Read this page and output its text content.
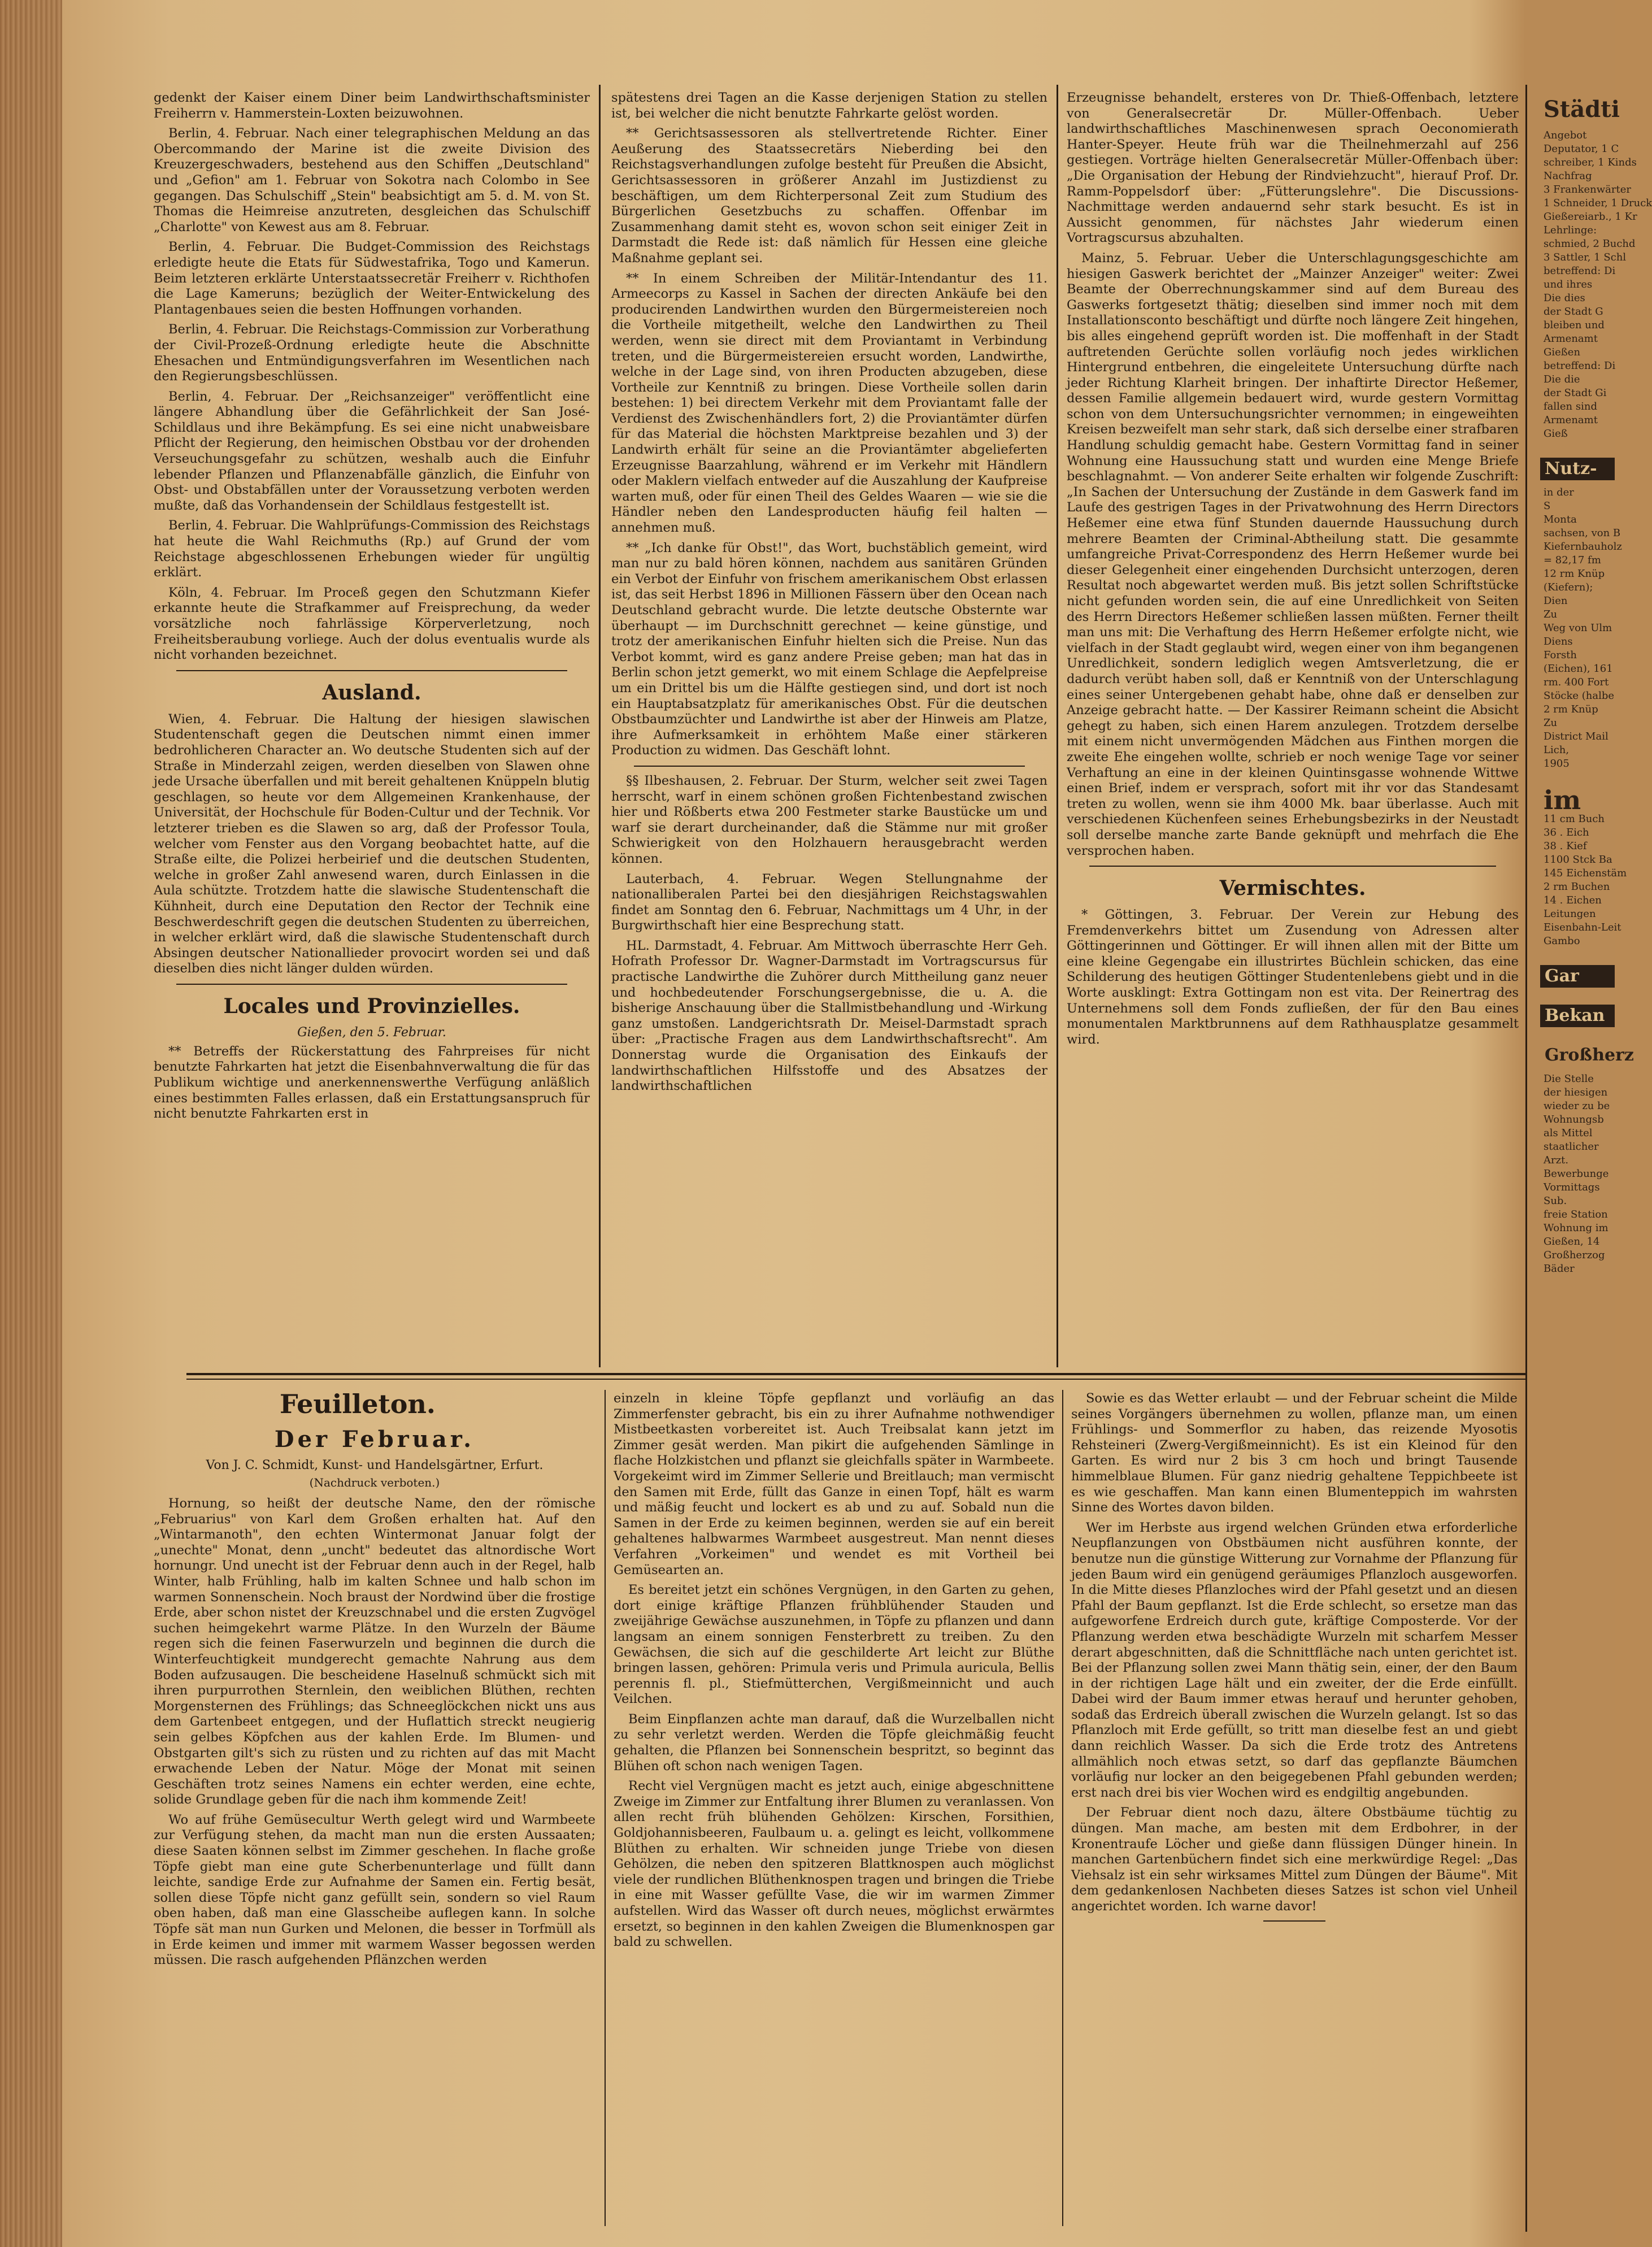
gedenkt der Kaiser einem Diner beim Landwirthschaftsminister Freiherrn v. Hammerstein-Loxten beizuwohnen.

Berlin, 4. Februar. Nach einer telegraphischen Meldung an das Obercommando der Marine ist die zweite Division des Kreuzergeschwaders, bestehend aus den Schiffen „Deutschland" und „Gefion" am 1. Februar von Sokotra nach Colombo in See gegangen. Das Schulschiff „Stein" beabsichtigt am 5. d. M. von St. Thomas die Heimreise anzutreten, desgleichen das Schulschiff „Charlotte" von Kewest aus am 8. Februar.

Berlin, 4. Februar. Die Budget-Commission des Reichstags erledigte heute die Etats für Südwestafrika, Togo und Kamerun. Beim letzteren erklärte Unterstaatssecretär Freiherr v. Richthofen die Lage Kameruns; bezüglich der Weiter-Entwickelung des Plantagenbaues seien die besten Hoffnungen vorhanden.

Berlin, 4. Februar. Die Reichstags-Commission zur Vorberathung der Civil-Prozeß-Ordnung erledigte heute die Abschnitte Ehesachen und Entmündigungsverfahren im Wesentlichen nach den Regierungsbeschlüssen.

Berlin, 4. Februar. Der „Reichsanzeiger" veröffentlicht eine längere Abhandlung über die Gefährlichkeit der San José-Schildlaus und ihre Bekämpfung. Es sei eine nicht unabweisbare Pflicht der Regierung, den heimischen Obstbau vor der drohenden Verseuchungsgefahr zu schützen, weshalb auch die Einfuhr lebender Pflanzen und Pflanzenabfälle gänzlich, die Einfuhr von Obst- und Obstabfällen unter der Voraussetzung verboten werden mußte, daß das Vorhandensein der Schildlaus festgestellt ist.

Berlin, 4. Februar. Die Wahlprüfungs-Commission des Reichstags hat heute die Wahl Reichmuths (Rp.) auf Grund der vom Reichstage abgeschlossenen Erhebungen wieder für ungültig erklärt.

Köln, 4. Februar. Im Proceß gegen den Schutzmann Kiefer erkannte heute die Strafkammer auf Freisprechung, da weder vorsätzliche noch fahrlässige Körperverletzung, noch Freiheitsberaubung vorliege. Auch der dolus eventualis wurde als nicht vorhanden bezeichnet.

Ausland.

Wien, 4. Februar. Die Haltung der hiesigen slawischen Studentenschaft gegen die Deutschen nimmt einen immer bedrohlicheren Character an. Wo deutsche Studenten sich auf der Straße in Minderzahl zeigen, werden dieselben von Slawen ohne jede Ursache überfallen und mit bereit gehaltenen Knüppeln blutig geschlagen, so heute vor dem Allgemeinen Krankenhause, der Universität, der Hochschule für Boden-Cultur und der Technik. Vor letzterer trieben es die Slawen so arg, daß der Professor Toula, welcher vom Fenster aus den Vorgang beobachtet hatte, auf die Straße eilte, die Polizei herbeirief und die deutschen Studenten, welche in großer Zahl anwesend waren, durch Einlassen in die Aula schützte. Trotzdem hatte die slawische Studentenschaft die Kühnheit, durch eine Deputation den Rector der Technik eine Beschwerdeschrift gegen die deutschen Studenten zu überreichen, in welcher erklärt wird, daß die slawische Studentenschaft durch Absingen deutscher Nationallieder provocirt worden sei und daß dieselben dies nicht länger dulden würden.

Locales und Provinzielles.
Gießen, den 5. Februar.

** Betreffs der Rückerstattung des Fahrpreises für nicht benutzte Fahrkarten hat jetzt die Eisenbahnverwaltung die für das Publikum wichtige und anerkennenswerthe Verfügung anläßlich eines bestimmten Falles erlassen, daß ein Erstattungsanspruch für nicht benutzte Fahrkarten erst in

spätestens drei Tagen an die Kasse derjenigen Station zu stellen ist, bei welcher die nicht benutzte Fahrkarte gelöst worden.

** Gerichtsassessoren als stellvertretende Richter. Einer Aeußerung des Staatssecretärs Nieberding bei den Reichstagsverhandlungen zufolge besteht für Preußen die Absicht, Gerichtsassessoren in größerer Anzahl im Justizdienst zu beschäftigen, um dem Richterpersonal Zeit zum Studium des Bürgerlichen Gesetzbuchs zu schaffen. Offenbar im Zusammenhang damit steht es, wovon schon seit einiger Zeit in Darmstadt die Rede ist: daß nämlich für Hessen eine gleiche Maßnahme geplant sei.

** In einem Schreiben der Militär-Intendantur des 11. Armeecorps zu Kassel in Sachen der directen Ankäufe bei den producirenden Landwirthen wurden den Bürgermeistereien noch die Vortheile mitgetheilt, welche den Landwirthen zu Theil werden, wenn sie direct mit dem Proviantamt in Verbindung treten, und die Bürgermeistereien ersucht worden, Landwirthe, welche in der Lage sind, von ihren Producten abzugeben, diese Vortheile zur Kenntniß zu bringen. Diese Vortheile sollen darin bestehen: 1) bei directem Verkehr mit dem Proviantamt falle der Verdienst des Zwischenhändlers fort, 2) die Proviantämter dürfen für das Material die höchsten Marktpreise bezahlen und 3) der Landwirth erhält für seine an die Proviantämter abgelieferten Erzeugnisse Baarzahlung, während er im Verkehr mit Händlern oder Maklern vielfach entweder auf die Auszahlung der Kaufpreise warten muß, oder für einen Theil des Geldes Waaren — wie sie die Händler neben den Landesproducten häufig feil halten — annehmen muß.

** „Ich danke für Obst!", das Wort, buchstäblich gemeint, wird man nur zu bald hören können, nachdem aus sanitären Gründen ein Verbot der Einfuhr von frischem amerikanischem Obst erlassen ist, das seit Herbst 1896 in Millionen Fässern über den Ocean nach Deutschland gebracht wurde. Die letzte deutsche Obsternte war überhaupt — im Durchschnitt gerechnet — keine günstige, und trotz der amerikanischen Einfuhr hielten sich die Preise. Nun das Verbot kommt, wird es ganz andere Preise geben; man hat das in Berlin schon jetzt gemerkt, wo mit einem Schlage die Aepfelpreise um ein Drittel bis um die Hälfte gestiegen sind, und dort ist noch ein Hauptabsatzplatz für amerikanisches Obst. Für die deutschen Obstbaumzüchter und Landwirthe ist aber der Hinweis am Platze, ihre Aufmerksamkeit in erhöhtem Maße einer stärkeren Production zu widmen. Das Geschäft lohnt.

§§ Ilbeshausen, 2. Februar. Der Sturm, welcher seit zwei Tagen herrscht, warf in einem schönen großen Fichtenbestand zwischen hier und Rößberts etwa 200 Festmeter starke Baustücke um und warf sie derart durcheinander, daß die Stämme nur mit großer Schwierigkeit von den Holzhauern herausgebracht werden können.

Lauterbach, 4. Februar. Wegen Stellungnahme der nationalliberalen Partei bei den diesjährigen Reichstagswahlen findet am Sonntag den 6. Februar, Nachmittags um 4 Uhr, in der Burgwirthschaft hier eine Besprechung statt.

HL. Darmstadt, 4. Februar. Am Mittwoch überraschte Herr Geh. Hofrath Professor Dr. Wagner-Darmstadt im Vortragscursus für practische Landwirthe die Zuhörer durch Mittheilung ganz neuer und hochbedeutender Forschungsergebnisse, die u. A. die bisherige Anschauung über die Stallmistbehandlung und -Wirkung ganz umstoßen. Landgerichtsrath Dr. Meisel-Darmstadt sprach über: „Practische Fragen aus dem Landwirthschaftsrecht". Am Donnerstag wurde die Organisation des Einkaufs der landwirthschaftlichen Hilfsstoffe und des Absatzes der landwirthschaftlichen

Erzeugnisse behandelt, ersteres von Dr. Thieß-Offenbach, letztere von Generalsecretär Dr. Müller-Offenbach. Ueber landwirthschaftliches Maschinenwesen sprach Oeconomierath Hanter-Speyer. Heute früh war die Theilnehmerzahl auf 256 gestiegen. Vorträge hielten Generalsecretär Müller-Offenbach über: „Die Organisation der Hebung der Rindviehzucht", hierauf Prof. Dr. Ramm-Poppelsdorf über: „Fütterungslehre". Die Discussions-Nachmittage werden andauernd sehr stark besucht. Es ist in Aussicht genommen, für nächstes Jahr wiederum einen Vortragscursus abzuhalten.

Mainz, 5. Februar. Ueber die Unterschlagungsgeschichte am hiesigen Gaswerk berichtet der „Mainzer Anzeiger" weiter: Zwei Beamte der Oberrechnungskammer sind auf dem Bureau des Gaswerks fortgesetzt thätig; dieselben sind immer noch mit dem Installationsconto beschäftigt und dürfte noch längere Zeit hingehen, bis alles eingehend geprüft worden ist. Die moffenhaft in der Stadt auftretenden Gerüchte sollen vorläufig noch jedes wirklichen Hintergrund entbehren, die eingeleitete Untersuchung dürfte nach jeder Richtung Klarheit bringen. Der inhaftirte Director Heßemer, dessen Familie allgemein bedauert wird, wurde gestern Vormittag schon von dem Untersuchungsrichter vernommen; in eingeweihten Kreisen bezweifelt man sehr stark, daß sich derselbe einer strafbaren Handlung schuldig gemacht habe. Gestern Vormittag fand in seiner Wohnung eine Haussuchung statt und wurden eine Menge Briefe beschlagnahmt. — Von anderer Seite erhalten wir folgende Zuschrift: „In Sachen der Untersuchung der Zustände in dem Gaswerk fand im Laufe des gestrigen Tages in der Privatwohnung des Herrn Directors Heßemer eine etwa fünf Stunden dauernde Haussuchung durch mehrere Beamten der Criminal-Abtheilung statt. Die gesammte umfangreiche Privat-Correspondenz des Herrn Heßemer wurde bei dieser Gelegenheit einer eingehenden Durchsicht unterzogen, deren Resultat noch abgewartet werden muß. Bis jetzt sollen Schriftstücke nicht gefunden worden sein, die auf eine Unredlichkeit von Seiten des Herrn Directors Heßemer schließen lassen müßten. Ferner theilt man uns mit: Die Verhaftung des Herrn Heßemer erfolgte nicht, wie vielfach in der Stadt geglaubt wird, wegen einer von ihm begangenen Unredlichkeit, sondern lediglich wegen Amtsverletzung, die er dadurch verübt haben soll, daß er Kenntniß von der Unterschlagung eines seiner Untergebenen gehabt habe, ohne daß er denselben zur Anzeige gebracht hatte. — Der Kassirer Reimann scheint die Absicht gehegt zu haben, sich einen Harem anzulegen. Trotzdem derselbe mit einem nicht unvermögenden Mädchen aus Finthen morgen die zweite Ehe eingehen wollte, schrieb er noch wenige Tage vor seiner Verhaftung an eine in der kleinen Quintinsgasse wohnende Wittwe einen Brief, indem er versprach, sofort mit ihr vor das Standesamt treten zu wollen, wenn sie ihm 4000 Mk. baar überlasse. Auch mit verschiedenen Küchenfeen seines Erhebungsbezirks in der Neustadt soll derselbe manche zarte Bande geknüpft und mehrfach die Ehe versprochen haben.

Vermischtes.

* Göttingen, 3. Februar. Der Verein zur Hebung des Fremdenverkehrs bittet um Zusendung von Adressen alter Göttingerinnen und Göttinger. Er will ihnen allen mit der Bitte um eine kleine Gegengabe ein illustrirtes Büchlein schicken, das eine Schilderung des heutigen Göttinger Studentenlebens giebt und in die Worte ausklingt: Extra Gottingam non est vita. Der Reinertrag des Unternehmens soll dem Fonds zufließen, der für den Bau eines monumentalen Marktbrunnens auf dem Rathhausplatze gesammelt wird.

Feuilleton.
Der Februar.
Von J. C. Schmidt, Kunst- und Handelsgärtner, Erfurt.
(Nachdruck verboten.)

Hornung, so heißt der deutsche Name, den der römische „Februarius" von Karl dem Großen erhalten hat. Auf den „Wintarmanoth", den echten Wintermonat Januar folgt der „unechte" Monat, denn „uncht" bedeutet das altnordische Wort hornungr. Und unecht ist der Februar denn auch in der Regel, halb Winter, halb Frühling, halb im kalten Schnee und halb schon im warmen Sonnenschein. Noch braust der Nordwind über die frostige Erde, aber schon nistet der Kreuzschnabel und die ersten Zugvögel suchen heimgekehrt warme Plätze. In den Wurzeln der Bäume regen sich die feinen Faserwurzeln und beginnen die durch die Winterfeuchtigkeit mundgerecht gemachte Nahrung aus dem Boden aufzusaugen. Die bescheidene Haselnuß schmückt sich mit ihren purpurrothen Sternlein, den weiblichen Blüthen, rechten Morgensternen des Frühlings; das Schneeglöckchen nickt uns aus dem Gartenbeet entgegen, und der Huflattich streckt neugierig sein gelbes Köpfchen aus der kahlen Erde. Im Blumen- und Obstgarten gilt's sich zu rüsten und zu richten auf das mit Macht erwachende Leben der Natur. Möge der Monat mit seinen Geschäften trotz seines Namens ein echter werden, eine echte, solide Grundlage geben für die nach ihm kommende Zeit!

Wo auf frühe Gemüsecultur Werth gelegt wird und Warmbeete zur Verfügung stehen, da macht man nun die ersten Aussaaten; diese Saaten können selbst im Zimmer geschehen. In flache große Töpfe giebt man eine gute Scherbenunterlage und füllt dann leichte, sandige Erde zur Aufnahme der Samen ein. Fertig besät, sollen diese Töpfe nicht ganz gefüllt sein, sondern so viel Raum oben haben, daß man eine Glasscheibe auflegen kann. In solche Töpfe sät man nun Gurken und Melonen, die besser in Torfmüll als in Erde keimen und immer mit warmem Wasser begossen werden müssen. Die rasch aufgehenden Pflänzchen werden

einzeln in kleine Töpfe gepflanzt und vorläufig an das Zimmerfenster gebracht, bis ein zu ihrer Aufnahme nothwendiger Mistbeetkasten vorbereitet ist. Auch Treibsalat kann jetzt im Zimmer gesät werden. Man pikirt die aufgehenden Sämlinge in flache Holzkistchen und pflanzt sie gleichfalls später in Warmbeete. Vorgekeimt wird im Zimmer Sellerie und Breitlauch; man vermischt den Samen mit Erde, füllt das Ganze in einen Topf, hält es warm und mäßig feucht und lockert es ab und zu auf. Sobald nun die Samen in der Erde zu keimen beginnen, werden sie auf ein bereit gehaltenes halbwarmes Warmbeet ausgestreut. Man nennt dieses Verfahren „Vorkeimen" und wendet es mit Vortheil bei Gemüsearten an.

Es bereitet jetzt ein schönes Vergnügen, in den Garten zu gehen, dort einige kräftige Pflanzen frühblühender Stauden und zweijährige Gewächse auszunehmen, in Töpfe zu pflanzen und dann langsam an einem sonnigen Fensterbrett zu treiben. Zu den Gewächsen, die sich auf die geschilderte Art leicht zur Blüthe bringen lassen, gehören: Primula veris und Primula auricula, Bellis perennis fl. pl., Stiefmütterchen, Vergißmeinnicht und auch Veilchen.

Beim Einpflanzen achte man darauf, daß die Wurzelballen nicht zu sehr verletzt werden. Werden die Töpfe gleichmäßig feucht gehalten, die Pflanzen bei Sonnenschein bespritzt, so beginnt das Blühen oft schon nach wenigen Tagen.

Recht viel Vergnügen macht es jetzt auch, einige abgeschnittene Zweige im Zimmer zur Entfaltung ihrer Blumen zu veranlassen. Von allen recht früh blühenden Gehölzen: Kirschen, Forsithien, Goldjohannisbeeren, Faulbaum u. a. gelingt es leicht, vollkommene Blüthen zu erhalten. Wir schneiden junge Triebe von diesen Gehölzen, die neben den spitzeren Blattknospen auch möglichst viele der rundlichen Blüthenknospen tragen und bringen die Triebe in eine mit Wasser gefüllte Vase, die wir im warmen Zimmer aufstellen. Wird das Wasser oft durch neues, möglichst erwärmtes ersetzt, so beginnen in den kahlen Zweigen die Blumenknospen gar bald zu schwellen.

Sowie es das Wetter erlaubt — und der Februar scheint die Milde seines Vorgängers übernehmen zu wollen, pflanze man, um einen Frühlings- und Sommerflor zu haben, das reizende Myosotis Rehsteineri (Zwerg-Vergißmeinnicht). Es ist ein Kleinod für den Garten. Es wird nur 2 bis 3 cm hoch und bringt Tausende himmelblaue Blumen. Für ganz niedrig gehaltene Teppichbeete ist es wie geschaffen. Man kann einen Blumenteppich im wahrsten Sinne des Wortes davon bilden.

Wer im Herbste aus irgend welchen Gründen etwa erforderliche Neupflanzungen von Obstbäumen nicht ausführen konnte, der benutze nun die günstige Witterung zur Vornahme der Pflanzung für jeden Baum wird ein genügend geräumiges Pflanzloch ausgeworfen. In die Mitte dieses Pflanzloches wird der Pfahl gesetzt und an diesen Pfahl der Baum gepflanzt. Ist die Erde schlecht, so ersetze man das aufgeworfene Erdreich durch gute, kräftige Composterde. Vor der Pflanzung werden etwa beschädigte Wurzeln mit scharfem Messer derart abgeschnitten, daß die Schnittfläche nach unten gerichtet ist. Bei der Pflanzung sollen zwei Mann thätig sein, einer, der den Baum in der richtigen Lage hält und ein zweiter, der die Erde einfüllt. Dabei wird der Baum immer etwas herauf und herunter gehoben, sodaß das Erdreich überall zwischen die Wurzeln gelangt. Ist so das Pflanzloch mit Erde gefüllt, so tritt man dieselbe fest an und giebt dann reichlich Wasser. Da sich die Erde trotz des Antretens allmählich noch etwas setzt, so darf das gepflanzte Bäumchen vorläufig nur locker an den beigegebenen Pfahl gebunden werden; erst nach drei bis vier Wochen wird es endgiltig angebunden.

Der Februar dient noch dazu, ältere Obstbäume tüchtig zu düngen. Man mache, am besten mit dem Erdbohrer, in der Kronentraufe Löcher und gieße dann flüssigen Dünger hinein. In manchen Gartenbüchern findet sich eine merkwürdige Regel: „Das Viehsalz ist ein sehr wirksames Mittel zum Düngen der Bäume". Mit dem gedankenlosen Nachbeten dieses Satzes ist schon viel Unheil angerichtet worden. Ich warne davor!

Städti
Angebot
Deputator, 1 C
schreiber, 1 Kinds
Nachfrag
3 Frankenwärter
1 Schneider, 1 Druck
Gießereiarb., 1 Kr
Lehrlinge:
schmied, 2 Buchd
3 Sattler, 1 Schl
betreffend: Di
und ihres
Die dies
der Stadt G
bleiben und
Armenamt
Gießen
betreffend: Di
Die die
der Stadt Gi
fallen sind
Armenamt
Gieß
Nutz-
in der
S
Monta
sachsen, von B
Kiefernbauholz
= 82,17 fm
12 rm Knüp
(Kiefern);
Dien
Zu
Weg von Ulm
Diens
Forsth
(Eichen), 161
rm. 400 Fort
Stöcke (halbe
2 rm Knüp
Zu
District Mail
Lich,
1905
im
11 cm Buch
36 . Eich
38 . Kief
1100 Stck Ba
145 Eichenstäm
2 rm Buchen
14 . Eichen
Leitungen
Eisenbahn-Leit
Gambo
Gar
Bekan
Großherz
Die Stelle
der hiesigen
wieder zu be
Wohnungsb
als Mittel
staatlicher
Arzt.
Bewerbunge
Vormittags
Sub.
freie Station
Wohnung im
Gießen, 14
Großherzog
Bäder
